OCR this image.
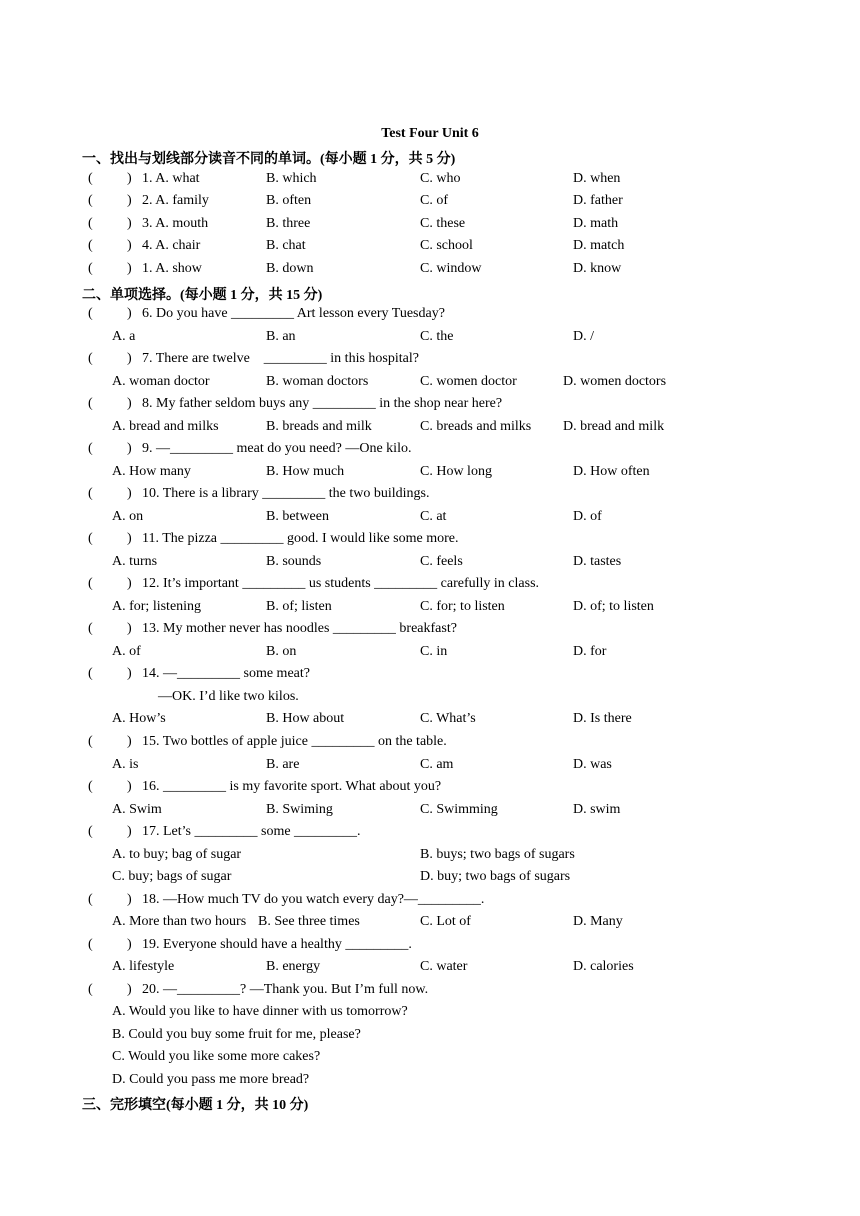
Test Four Unit 6
一、找出与划线部分读音不同的单词。(每小题 1 分，共 5 分)
( ) 1. A. what	B. which	C. who	D. when
( ) 2. A. family	B. often	C. of	D. father
( ) 3. A. mouth	B. three	C. these	D. math
( ) 4. A. chair	B. chat	C. school	D. match
( ) 1. A. show	B. down	C. window	D. know
二、单项选择。(每小题 1 分，共 15 分)
( ) 6. Do you have _________ Art lesson every Tuesday?
A. a	B. an	C. the	D. /
( ) 7. There are twelve    _________ in this hospital?
A. woman doctor	B. woman doctors	C. women doctor	D. women doctors
( ) 8. My father seldom buys any _________ in the shop near here?
A. bread and milks	B. breads and milk	C. breads and milks D. bread and milk
( ) 9. —_________ meat do you need? —One kilo.
A. How many	B. How much	C. How long	D. How often
( ) 10. There is a library _________ the two buildings.
A. on	B. between	C. at	D. of
( ) 11. The pizza _________ good. I would like some more.
A. turns	B. sounds	C. feels	D. tastes
( ) 12. It’s important _________ us students _________ carefully in class.
A. for; listening	B. of; listen	C. for; to listen	D. of; to listen
( ) 13. My mother never has noodles _________ breakfast?
A. of	B. on	C. in	D. for
( ) 14. —_________ some meat?
—OK. I’d like two kilos.
A. How’s	B. How about	C. What’s	D. Is there
( ) 15. Two bottles of apple juice _________ on the table.
A. is	B. are	C. am	D. was
( ) 16. _________ is my favorite sport. What about you?
A. Swim	B. Swiming	C. Swimming	D. swim
( ) 17. Let’s _________ some _________.
A. to buy; bag of sugar	B. buys; two bags of sugars
C. buy; bags of sugar	D. buy; two bags of sugars
( ) 18. —How much TV do you watch every day?—_________.
A. More than two hours B. See three times	C. Lot of	D. Many
( ) 19. Everyone should have a healthy _________.
A. lifestyle	B. energy	C. water	D. calories
( ) 20. —_________? —Thank you. But I’m full now.
A. Would you like to have dinner with us tomorrow?
B. Could you buy some fruit for me, please?
C. Would you like some more cakes?
D. Could you pass me more bread?
三、完形填空(每小题 1 分，共 10 分)
